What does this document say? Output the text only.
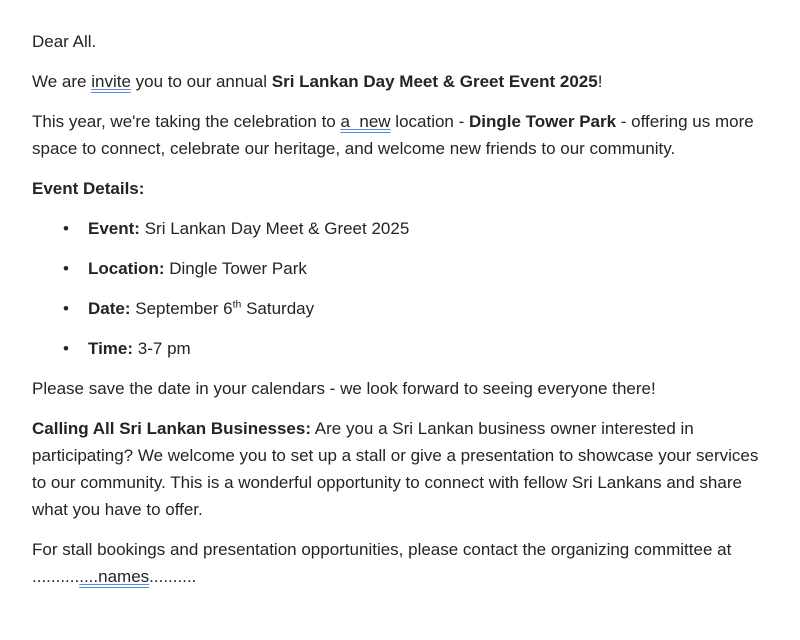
Dear All.

We are invite you to our annual Sri Lankan Day Meet & Greet Event 2025!

This year, we're taking the celebration to a  new location - Dingle Tower Park - offering us more space to connect, celebrate our heritage, and welcome new friends to our community.

Event Details:

• Event: Sri Lankan Day Meet & Greet 2025
• Location: Dingle Tower Park
• Date: September 6th Saturday
• Time: 3-7 pm

Please save the date in your calendars - we look forward to seeing everyone there!

Calling All Sri Lankan Businesses: Are you a Sri Lankan business owner interested in participating? We welcome you to set up a stall or give a presentation to showcase your services to our community. This is a wonderful opportunity to connect with fellow Sri Lankans and share what you have to offer.

For stall bookings and presentation opportunities, please contact the organizing committee at ..............names..........
